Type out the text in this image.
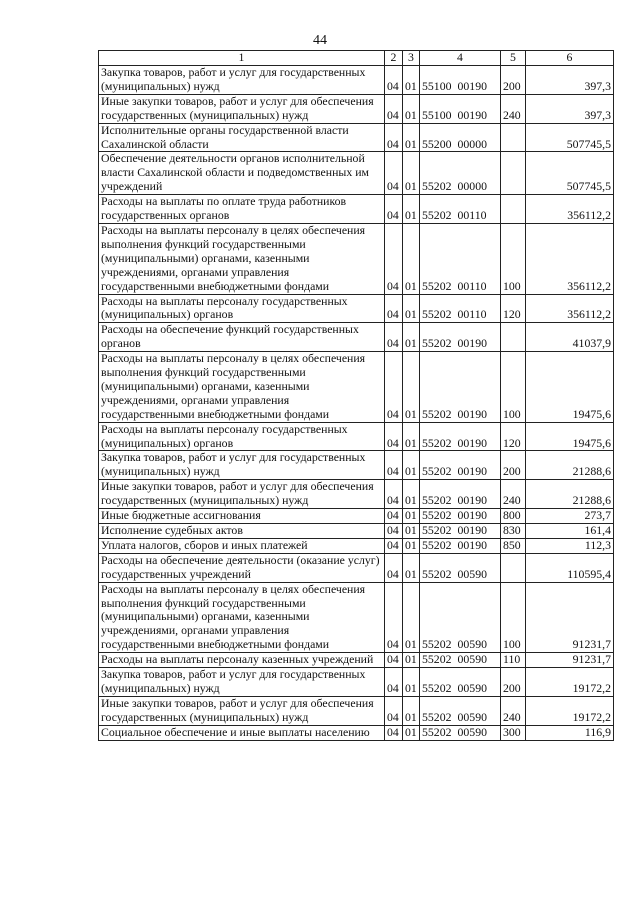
44
1	2	3	4	5	6
Закупка товаров, работ и услуг для государственных (муниципальных) нужд	04	01	55100 00190	200	397,3
Иные закупки товаров, работ и услуг для обеспечения государственных (муниципальных) нужд	04	01	55100 00190	240	397,3
Исполнительные органы государственной власти Сахалинской области	04	01	55200 00000		507745,5
Обеспечение деятельности органов исполнительной власти Сахалинской области и подведомственных им учреждений	04	01	55202 00000		507745,5
Расходы на выплаты по оплате труда работников государственных органов	04	01	55202 00110		356112,2
Расходы на выплаты персоналу в целях обеспечения выполнения функций государственными (муниципальными) органами, казенными учреждениями, органами управления государственными внебюджетными фондами	04	01	55202 00110	100	356112,2
Расходы на выплаты персоналу государственных (муниципальных) органов	04	01	55202 00110	120	356112,2
Расходы на обеспечение функций государственных органов	04	01	55202 00190		41037,9
Расходы на выплаты персоналу в целях обеспечения выполнения функций государственными (муниципальными) органами, казенными учреждениями, органами управления государственными внебюджетными фондами	04	01	55202 00190	100	19475,6
Расходы на выплаты персоналу государственных (муниципальных) органов	04	01	55202 00190	120	19475,6
Закупка товаров, работ и услуг для государственных (муниципальных) нужд	04	01	55202 00190	200	21288,6
Иные закупки товаров, работ и услуг для обеспечения государственных (муниципальных) нужд	04	01	55202 00190	240	21288,6
Иные бюджетные ассигнования	04	01	55202 00190	800	273,7
Исполнение судебных актов	04	01	55202 00190	830	161,4
Уплата налогов, сборов и иных платежей	04	01	55202 00190	850	112,3
Расходы на обеспечение деятельности (оказание услуг) государственных учреждений	04	01	55202 00590		110595,4
Расходы на выплаты персоналу в целях обеспечения выполнения функций государственными (муниципальными) органами, казенными учреждениями, органами управления государственными внебюджетными фондами	04	01	55202 00590	100	91231,7
Расходы на выплаты персоналу казенных учреждений	04	01	55202 00590	110	91231,7
Закупка товаров, работ и услуг для государственных (муниципальных) нужд	04	01	55202 00590	200	19172,2
Иные закупки товаров, работ и услуг для обеспечения государственных (муниципальных) нужд	04	01	55202 00590	240	19172,2
Социальное обеспечение и иные выплаты населению	04	01	55202 00590	300	116,9
